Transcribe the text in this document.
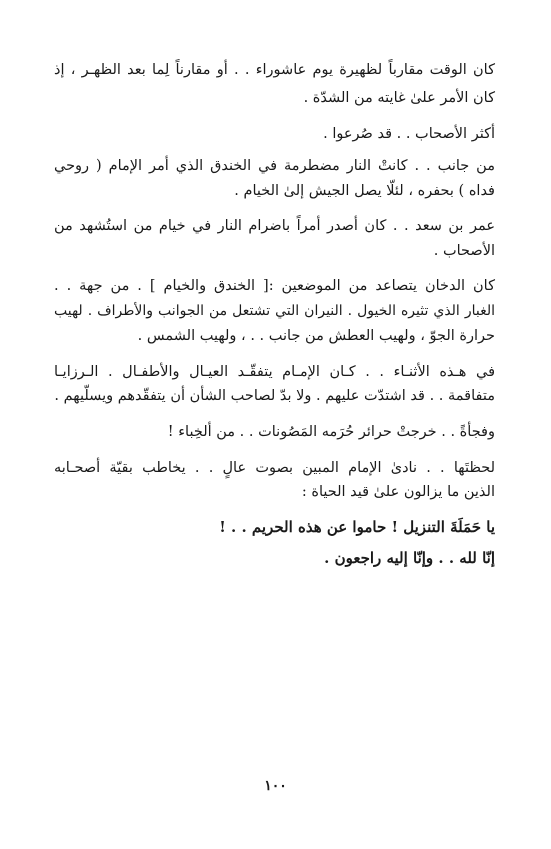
كان الوقت مقارباً لظهيرة يوم عاشوراء . . أو مقارناً لِما بعد الظهـر ، إذ
كان الأمر علىٰ غايته من الشدّة .
أكثر الأصحاب . . قد صُرعوا .
من جانب . . كانتْ النار مضطرمة في الخندق الذي أمر الإمام ( روحي
فداه ) بحفره ، لئلّا يصل الجيش إلىٰ الخيام .
عمر بن سعد . . كان أصدر أمراً باضرام النار في خيام من استُشهد من
الأصحاب .
كان الدخان يتصاعد من الموضعين :[ الخندق والخيام ] . من جهة . .
الغبار الذي تثيره الخيول . النيران التي تشتعل من الجوانب والأطراف . لهيب
حرارة الجوّ ، ولهيب العطش من جانب . . ، ولهيب الشمس .
في هـذه الأثنـاء . . كـان الإمـام يتفقّـد العيـال والأطفـال . الـرزايـا
متفاقمة . . قد اشتدّت عليهم . ولا بدّ لصاحب الشأن أن يتفقّدهم ويسلّيهم .
وفجأةً . . خرجتْ حرائر حُرَمه المَصُونات . . من ألخِباء !
لحظتَها . . نادىٰ الإمام المبين بصوت عالٍ . . يخاطب بقيّة أصحـابه
الذين ما يزالون علىٰ قيد الحياة :
يا حَمَلَةَ التنزيل ! حاموا عن هذه الحريم . . !
إنّا لله . . وإنّا إليه راجعون .
١٠٠
